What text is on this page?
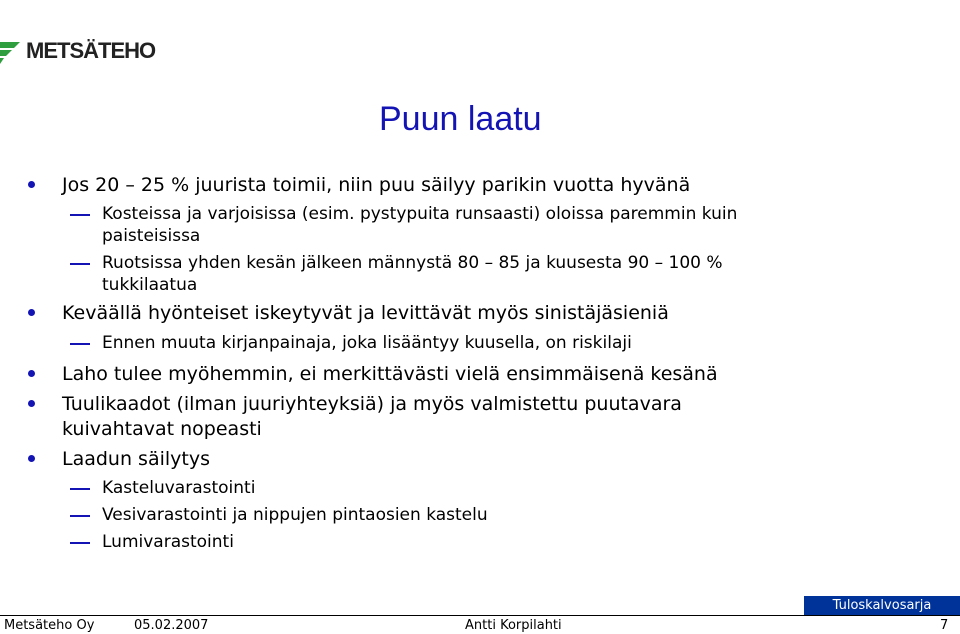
METSÄTEHO
Puun laatu
Jos 20 – 25 % juurista toimii, niin puu säilyy parikin vuotta hyvänä
Kosteissa ja varjoisissa (esim. pystypuita runsaasti) oloissa paremmin kuin
paisteisissa
Ruotsissa yhden kesän jälkeen männystä 80 – 85 ja kuusesta 90 – 100 %
tukkilaatua
Keväällä hyönteiset iskeytyvät ja levittävät myös sinistäjäsieniä
Ennen muuta kirjanpainaja, joka lisääntyy kuusella, on riskilaji
Laho tulee myöhemmin, ei merkittävästi vielä ensimmäisenä kesänä
Tuulikaadot (ilman juuriyhteyksiä) ja myös valmistettu puutavara
kuivahtavat nopeasti
Laadun säilytys
Kasteluvarastointi
Vesivarastointi ja nippujen pintaosien kastelu
Lumivarastointi
Tuloskalvosarja
Metsäteho Oy	05.02.2007	Antti Korpilahti	7
